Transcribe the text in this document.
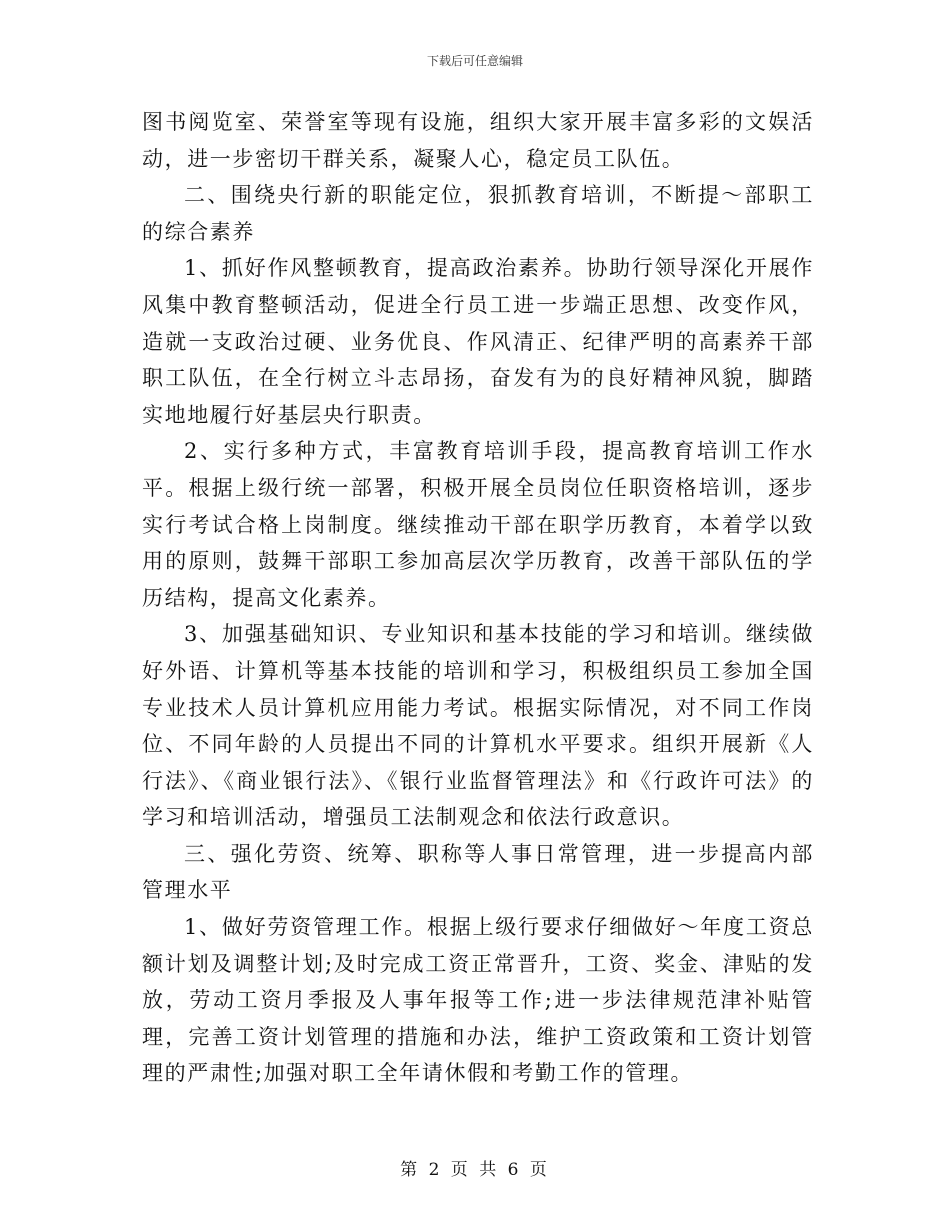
下载后可任意编辑

图书阅览室、荣誉室等现有设施，组织大家开展丰富多彩的文娱活动，进一步密切干群关系，凝聚人心，稳定员工队伍。

二、围绕央行新的职能定位，狠抓教育培训，不断提～部职工的综合素养

1、抓好作风整顿教育，提高政治素养。协助行领导深化开展作风集中教育整顿活动，促进全行员工进一步端正思想、改变作风，造就一支政治过硬、业务优良、作风清正、纪律严明的高素养干部职工队伍，在全行树立斗志昂扬，奋发有为的良好精神风貌，脚踏实地地履行好基层央行职责。

2、实行多种方式，丰富教育培训手段，提高教育培训工作水平。根据上级行统一部署，积极开展全员岗位任职资格培训，逐步实行考试合格上岗制度。继续推动干部在职学历教育，本着学以致用的原则，鼓舞干部职工参加高层次学历教育，改善干部队伍的学历结构，提高文化素养。

3、加强基础知识、专业知识和基本技能的学习和培训。继续做好外语、计算机等基本技能的培训和学习，积极组织员工参加全国专业技术人员计算机应用能力考试。根据实际情况，对不同工作岗位、不同年龄的人员提出不同的计算机水平要求。组织开展新《人行法》、《商业银行法》、《银行业监督管理法》和《行政许可法》的学习和培训活动，增强员工法制观念和依法行政意识。

三、强化劳资、统筹、职称等人事日常管理，进一步提高内部管理水平

1、做好劳资管理工作。根据上级行要求仔细做好～年度工资总额计划及调整计划;及时完成工资正常晋升，工资、奖金、津贴的发放，劳动工资月季报及人事年报等工作;进一步法律规范津补贴管理，完善工资计划管理的措施和办法，维护工资政策和工资计划管理的严肃性;加强对职工全年请休假和考勤工作的管理。

第 2 页 共 6 页
